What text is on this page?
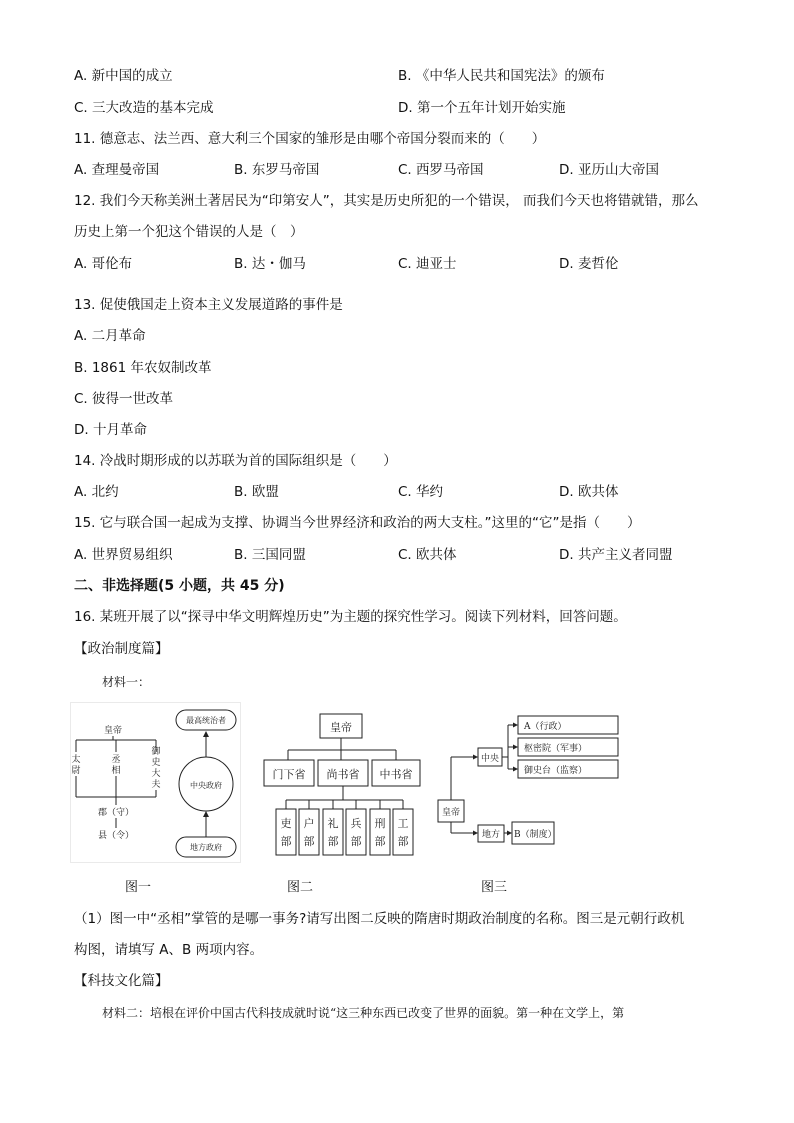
A. 新中国的成立	B. 《中华人民共和国宪法》的颁布
C. 三大改造的基本完成	D. 第一个五年计划开始实施
11. 德意志、法兰西、意大利三个国家的雏形是由哪个帝国分裂而来的（　　）
A. 查理曼帝国	B. 东罗马帝国	C. 西罗马帝国	D. 亚历山大帝国
12. 我们今天称美洲土著居民为“印第安人”，其实是历史所犯的一个错误， 而我们今天也将错就错，那么
历史上第一个犯这个错误的人是（　）
A. 哥伦布	B. 达・伽马	C. 迪亚士	D. 麦哲伦
13. 促使俄国走上资本主义发展道路的事件是
A. 二月革命
B. 1861 年农奴制改革
C. 彼得一世改革
D. 十月革命
14. 冷战时期形成的以苏联为首的国际组织是（　　）
A. 北约	B. 欧盟	C. 华约	D. 欧共体
15. 它与联合国一起成为支撑、协调当今世界经济和政治的两大支柱。”这里的“它”是指（　　）
A. 世界贸易组织	B. 三国同盟	C. 欧共体	D. 共产主义者同盟
二、非选择题(5 小题，共 45 分)
16. 某班开展了以“探寻中华文明辉煌历史”为主题的探究性学习。阅读下列材料，回答问题。
【政治制度篇】
材料一：
皇帝
太
尉
丞
相
御
史
大
夫
郡（守）
县（令）
最高统治者
中央政府
地方政府
皇帝
门下省 尚书省 中书省
吏
部
户
部
礼
部
兵
部
刑
部
工
部
A（行政）
枢密院（军事）
御史台（监察）
中央
皇帝
地方 B（制度）
图一	图二	图三
（1）图一中“丞相”掌管的是哪一事务?请写出图二反映的隋唐时期政治制度的名称。图三是元朝行政机
构图，请填写 A、B 两项内容。
【科技文化篇】
材料二：培根在评价中国古代科技成就时说“这三种东西已改变了世界的面貌。第一种在文学上，第
